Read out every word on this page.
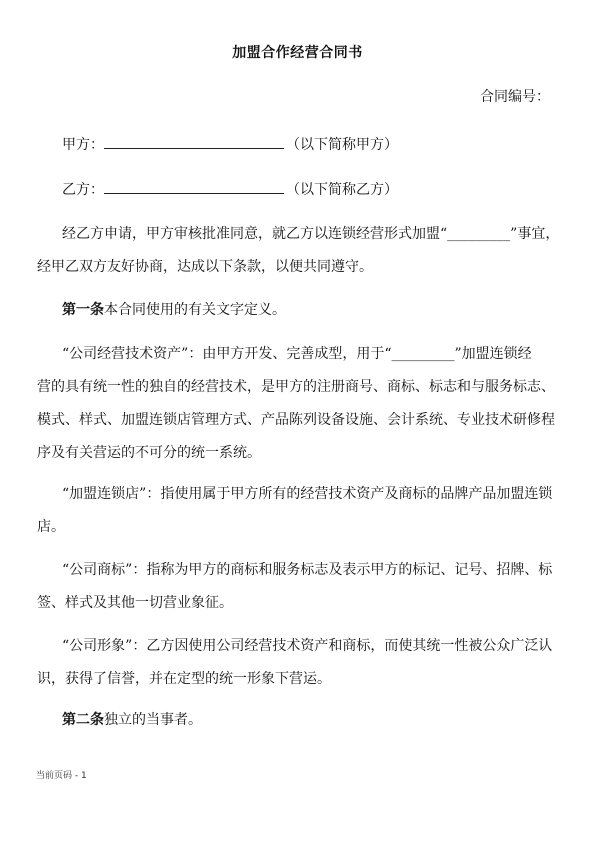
加盟合作经营合同书
合同编号：
甲方：	（以下简称甲方）
乙方：	（以下简称乙方）
经乙方申请，甲方审核批准同意，就乙方以连锁经营形式加盟“_________”事宜，
经甲乙双方友好协商，达成以下条款，以便共同遵守。
第一条本合同使用的有关文字定义。
“公司经营技术资产”：由甲方开发、完善成型，用于“_________”加盟连锁经
营的具有统一性的独自的经营技术，是甲方的注册商号、商标、标志和与服务标志、
模式、样式、加盟连锁店管理方式、产品陈列设备设施、会计系统、专业技术研修程
序及有关营运的不可分的统一系统。
“加盟连锁店”：指使用属于甲方所有的经营技术资产及商标的品牌产品加盟连锁
店。
“公司商标”：指称为甲方的商标和服务标志及表示甲方的标记、记号、招牌、标
签、样式及其他一切营业象征。
“公司形象”：乙方因使用公司经营技术资产和商标，而使其统一性被公众广泛认
识，获得了信誉，并在定型的统一形象下营运。
第二条独立的当事者。
当前页码 - 1
